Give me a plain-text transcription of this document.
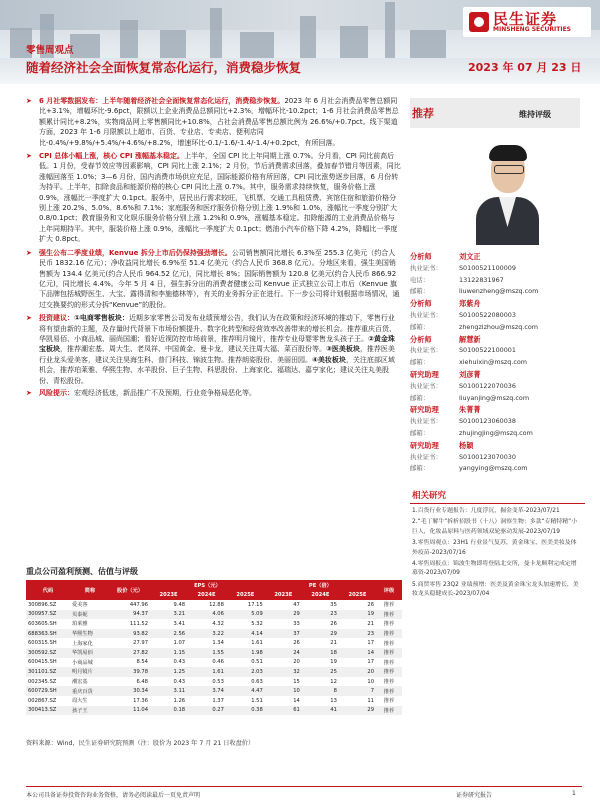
民生证券
MINSHENG SECURITIES
零售周观点
随着经济社会全面恢复常态化运行，消费稳步恢复	2023 年 07 月 23 日
➤ 6 月社零数据发布：上半年随着经济社会全面恢复常态化运行，消费稳步恢复。2023 年 6 月社会消费品零售总额同比+3.1%，增幅环比-9.6pct，限额以上企业消费品总额同比+2.3%，增幅环比-10.2pct；1-6 月社会消费品零售总额累计同比+8.2%，实物商品网上零售额同比+10.8%，占社会消费品零售总额比例为 26.6%/+0.7pct。线下渠道方面，2023 年 1-6 月限额以上超市、百货、专业店、专卖店、便利店同比-0.4%/+9.8%/+5.4%/+4.6%/+8.2%，增速环比-0.1/-1.6/-1.4/-1.4/+0.2pct，有所回落。
➤ CPI 总体小幅上涨，核心 CPI 涨幅基本稳定。上半年，全国 CPI 比上年同期上涨 0.7%。分月看，CPI 同比前高后低。1 月份，受春节效应等因素影响，CPI 同比上涨 2.1%；2 月份，节后消费需求回落，叠加春节错月等因素，同比涨幅回落至 1.0%；3—6 月份，国内消费市场供应充足，国际能源价格有所回落，CPI 同比涨势逐步回落，6 月份转为持平。上半年，扣除食品和能源价格的核心 CPI 同比上涨 0.7%。其中，服务需求持续恢复，服务价格上涨 0.9%，涨幅比一季度扩大 0.1pct。服务中，居民出行需求较旺，飞机票、交通工具租赁费、宾馆住宿和旅游价格分别上涨 20.2%、5.0%、8.6%和 7.1%；家庭服务和医疗服务价格分别上涨 1.9%和 1.0%，涨幅比一季度分别扩大 0.8/0.1pct；教育服务和文化娱乐服务价格分别上涨 1.2%和 0.9%，涨幅基本稳定。扣除能源的工业消费品价格与上年同期持平。其中，服装价格上涨 0.9%，涨幅比一季度扩大 0.1pct；燃油小汽车价格下降 4.2%，降幅比一季度扩大 0.8pct。
➤ 强生公布二季度业绩，Kenvue 拆分上市后仍保持强劲增长。公司销售额同比增长 6.3%至 255.3 亿美元（约合人民币 1832.16 亿元）；净收益同比增长 6.9%至 51.4 亿美元（约合人民币 368.8 亿元）。分地区来看，强生美国销售额为 134.4 亿美元(约合人民币 964.52 亿元)，同比增长 8%；国际销售额为 120.8 亿美元(约合人民币 866.92 亿元)，同比增长 4.4%。今年 5 月 4 日，强生拆分出的消费者健康公司 Kenvue 正式独立公司上市后（Kenvue 旗下品牌包括城野医生、大宝、露得清和李施德林等），有关的业务拆分正在进行。下一步公司将计划根据市场情况，通过交换要约的形式分拆“Kenvue”的股份。
➤ 投资建议：①电商零售板块：近期多家零售公司发布业绩预增公告，我们认为在政策和经济环境的推动下，零售行业将有望由新的主题，及存量时代背景下市场份额提升、数字化转型和经营效率改善带来的增长机会。推荐重庆百货、华凯易佰、小商品城、丽尚国潮；看好近视防控市场前景，推荐明月镜片，推荐专业母婴零售龙头孩子王。②黄金珠宝板块，推荐潮宏基、周大生、老凤祥、中国黄金、曼卡龙，建议关注周大福、菜百股份等。③医美板块，推荐医美行业龙头爱美客，建议关注昊海生科、普门科技、锦波生物。推荐朗姿股份、美丽田园。④美妆板块，关注底部区域机会，推荐珀莱雅、华熙生物、水羊股份、巨子生物、科思股份、上海家化、福瑞达、嘉亨家化；建议关注丸美股份、青松股份。
➤ 风险提示：宏观经济低迷，新品推广不及预期，行业竞争格局恶化等。
重点公司盈利预测、估值与评级
代码	简称	股价（元）	EPS（元）			PE（倍）			评级
			2023E	2024E	2025E	2023E	2024E	2025E	
300896.SZ	爱美客	447.96	9.48	12.88	17.15	47	35	26	推荐
300957.SZ	贝泰妮	94.37	3.21	4.06	5.09	29	23	19	推荐
603605.SH	珀莱雅	111.52	3.41	4.32	5.32	33	26	21	推荐
688363.SH	华熙生物	93.82	2.56	3.22	4.14	37	29	23	推荐
600315.SH	上海家化	27.97	1.07	1.34	1.61	26	21	17	推荐
300592.SZ	华凯易佰	27.82	1.15	1.55	1.98	24	18	14	推荐
600415.SH	小商品城	8.54	0.43	0.46	0.51	20	19	17	推荐
301101.SZ	明月镜片	39.78	1.25	1.61	2.03	32	25	20	推荐
002345.SZ	潮宏基	6.48	0.43	0.53	0.63	15	12	10	推荐
600729.SH	重庆百货	30.34	3.11	3.74	4.47	10	8	7	推荐
002867.SZ	周大生	17.36	1.26	1.37	1.51	14	13	11	推荐
300413.SZ	孩子王	11.04	0.18	0.27	0.38	61	41	29	推荐
资料来源：Wind，民生证券研究院预测（注：股价为 2023 年 7 月 21 日收盘价）
推荐	维持评级
分析师	刘文正
执业证书：	S0100521100009
电话：	13122831967
邮箱：	liuwenzheng@mszq.com
分析师	郑紫舟
执业证书：	S0100522080003
邮箱：	zhengzizhou@mszq.com
分析师	解慧新
执业证书：	S0100522100001
邮箱：	xiehuixin@mszq.com
研究助理	刘彦菁
执业证书：	S0100122070036
邮箱：	liuyanjing@mszq.com
研究助理	朱菁菁
执业证书：	S0100123060038
邮箱：	zhujingjing@mszq.com
研究助理	杨颖
执业证书：	S0100123070030
邮箱：	yangying@mszq.com
相关研究
1.百货行业专题报告：几度浮沉，掘金变革-2023/07/21
2.“毛丁解牛”拆析招股书（十八）洞察生物：多款“专精特精”小巨人，化妆品原料与医药领域双轮驱动发展-2023/07/19
3.零售周观点：23H1 行业景气复苏，黄金珠宝、医美美妆及体外疫苗-2023/07/16
4.零售周报点：锦波生物即将登陆北交所，曼卡龙顺利完成定增募资-2023/07/09
5.商贸零售 23Q2 业绩预增：医美及黄金珠宝龙头加速增长，美妆龙头稳健成长-2023/07/04
本公司具备证券投资咨询业务资格，请务必阅读最后一页免责声明	证券研究报告	1
